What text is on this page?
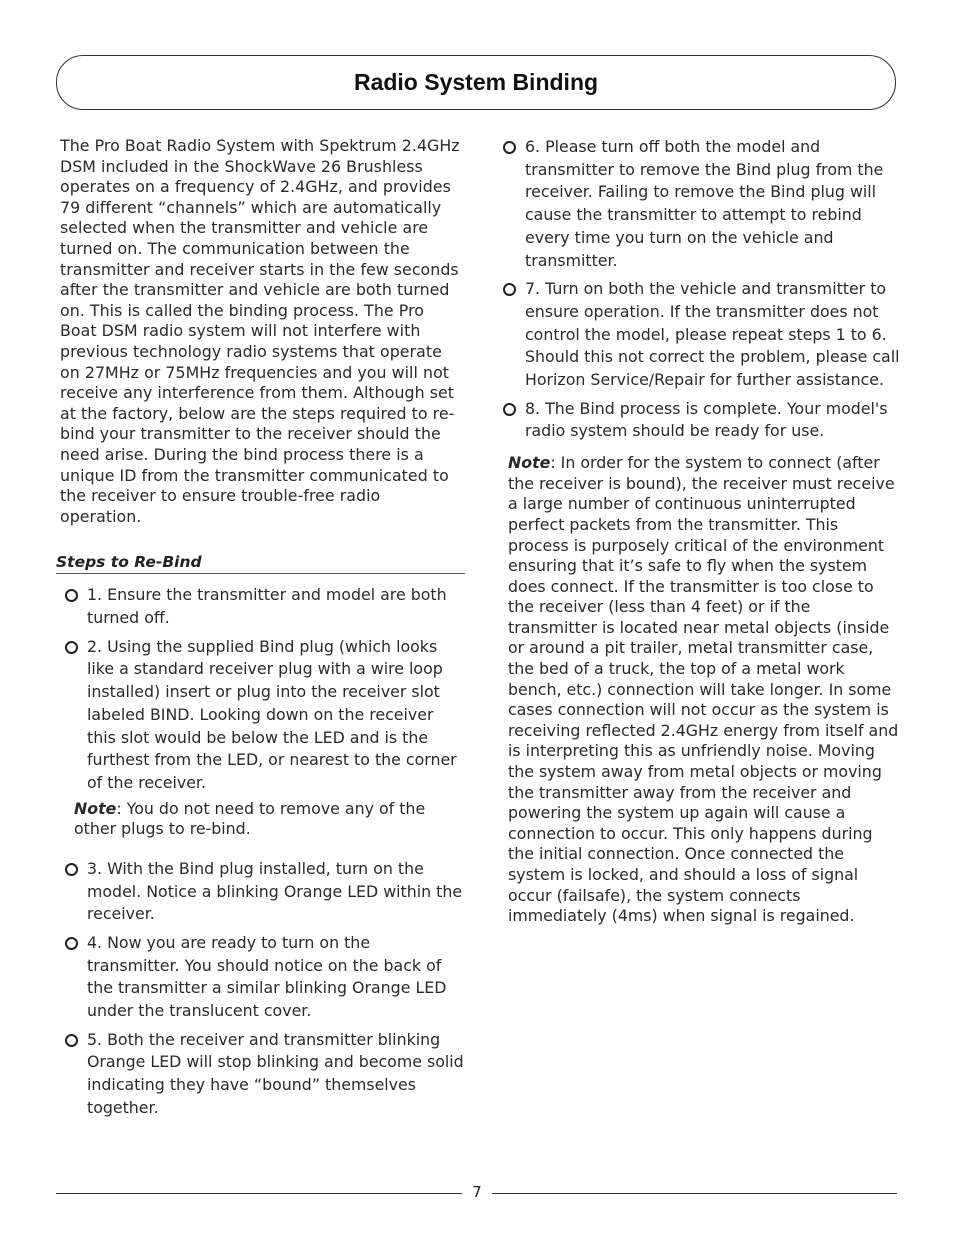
Radio System Binding

The Pro Boat Radio System with Spektrum 2.4GHz DSM included in the ShockWave 26 Brushless operates on a frequency of 2.4GHz, and provides 79 different “channels” which are automatically selected when the transmitter and vehicle are turned on. The communication between the transmitter and receiver starts in the few seconds after the transmitter and vehicle are both turned on. This is called the binding process. The Pro Boat DSM radio system will not interfere with previous technology radio systems that operate on 27MHz or 75MHz frequencies and you will not receive any interference from them. Although set at the factory, below are the steps required to re-bind your transmitter to the receiver should the need arise. During the bind process there is a unique ID from the transmitter communicated to the receiver to ensure trouble-free radio operation.

Steps to Re-Bind
1. Ensure the transmitter and model are both turned off.
2. Using the supplied Bind plug (which looks like a standard receiver plug with a wire loop installed) insert or plug into the receiver slot labeled BIND. Looking down on the receiver this slot would be below the LED and is the furthest from the LED, or nearest to the corner of the receiver.

Note: You do not need to remove any of the other plugs to re-bind.

3. With the Bind plug installed, turn on the model. Notice a blinking Orange LED within the receiver.
4. Now you are ready to turn on the transmitter. You should notice on the back of the transmitter a similar blinking Orange LED under the translucent cover.
5. Both the receiver and transmitter blinking Orange LED will stop blinking and become solid indicating they have “bound” themselves together.
6. Please turn off both the model and transmitter to remove the Bind plug from the receiver. Failing to remove the Bind plug will cause the transmitter to attempt to rebind every time you turn on the vehicle and transmitter.
7. Turn on both the vehicle and transmitter to ensure operation. If the transmitter does not control the model, please repeat steps 1 to 6. Should this not correct the problem, please call Horizon Service/Repair for further assistance.
8. The Bind process is complete. Your model's radio system should be ready for use.

Note: In order for the system to connect (after the receiver is bound), the receiver must receive a large number of continuous uninterrupted perfect packets from the transmitter. This process is purposely critical of the environment ensuring that it’s safe to fly when the system does connect. If the transmitter is too close to the receiver (less than 4 feet) or if the transmitter is located near metal objects (inside or around a pit trailer, metal transmitter case, the bed of a truck, the top of a metal work bench, etc.) connection will take longer. In some cases connection will not occur as the system is receiving reflected 2.4GHz energy from itself and is interpreting this as unfriendly noise. Moving the system away from metal objects or moving the transmitter away from the receiver and powering the system up again will cause a connection to occur. This only happens during the initial connection. Once connected the system is locked, and should a loss of signal occur (failsafe), the system connects immediately (4ms) when signal is regained.

7
